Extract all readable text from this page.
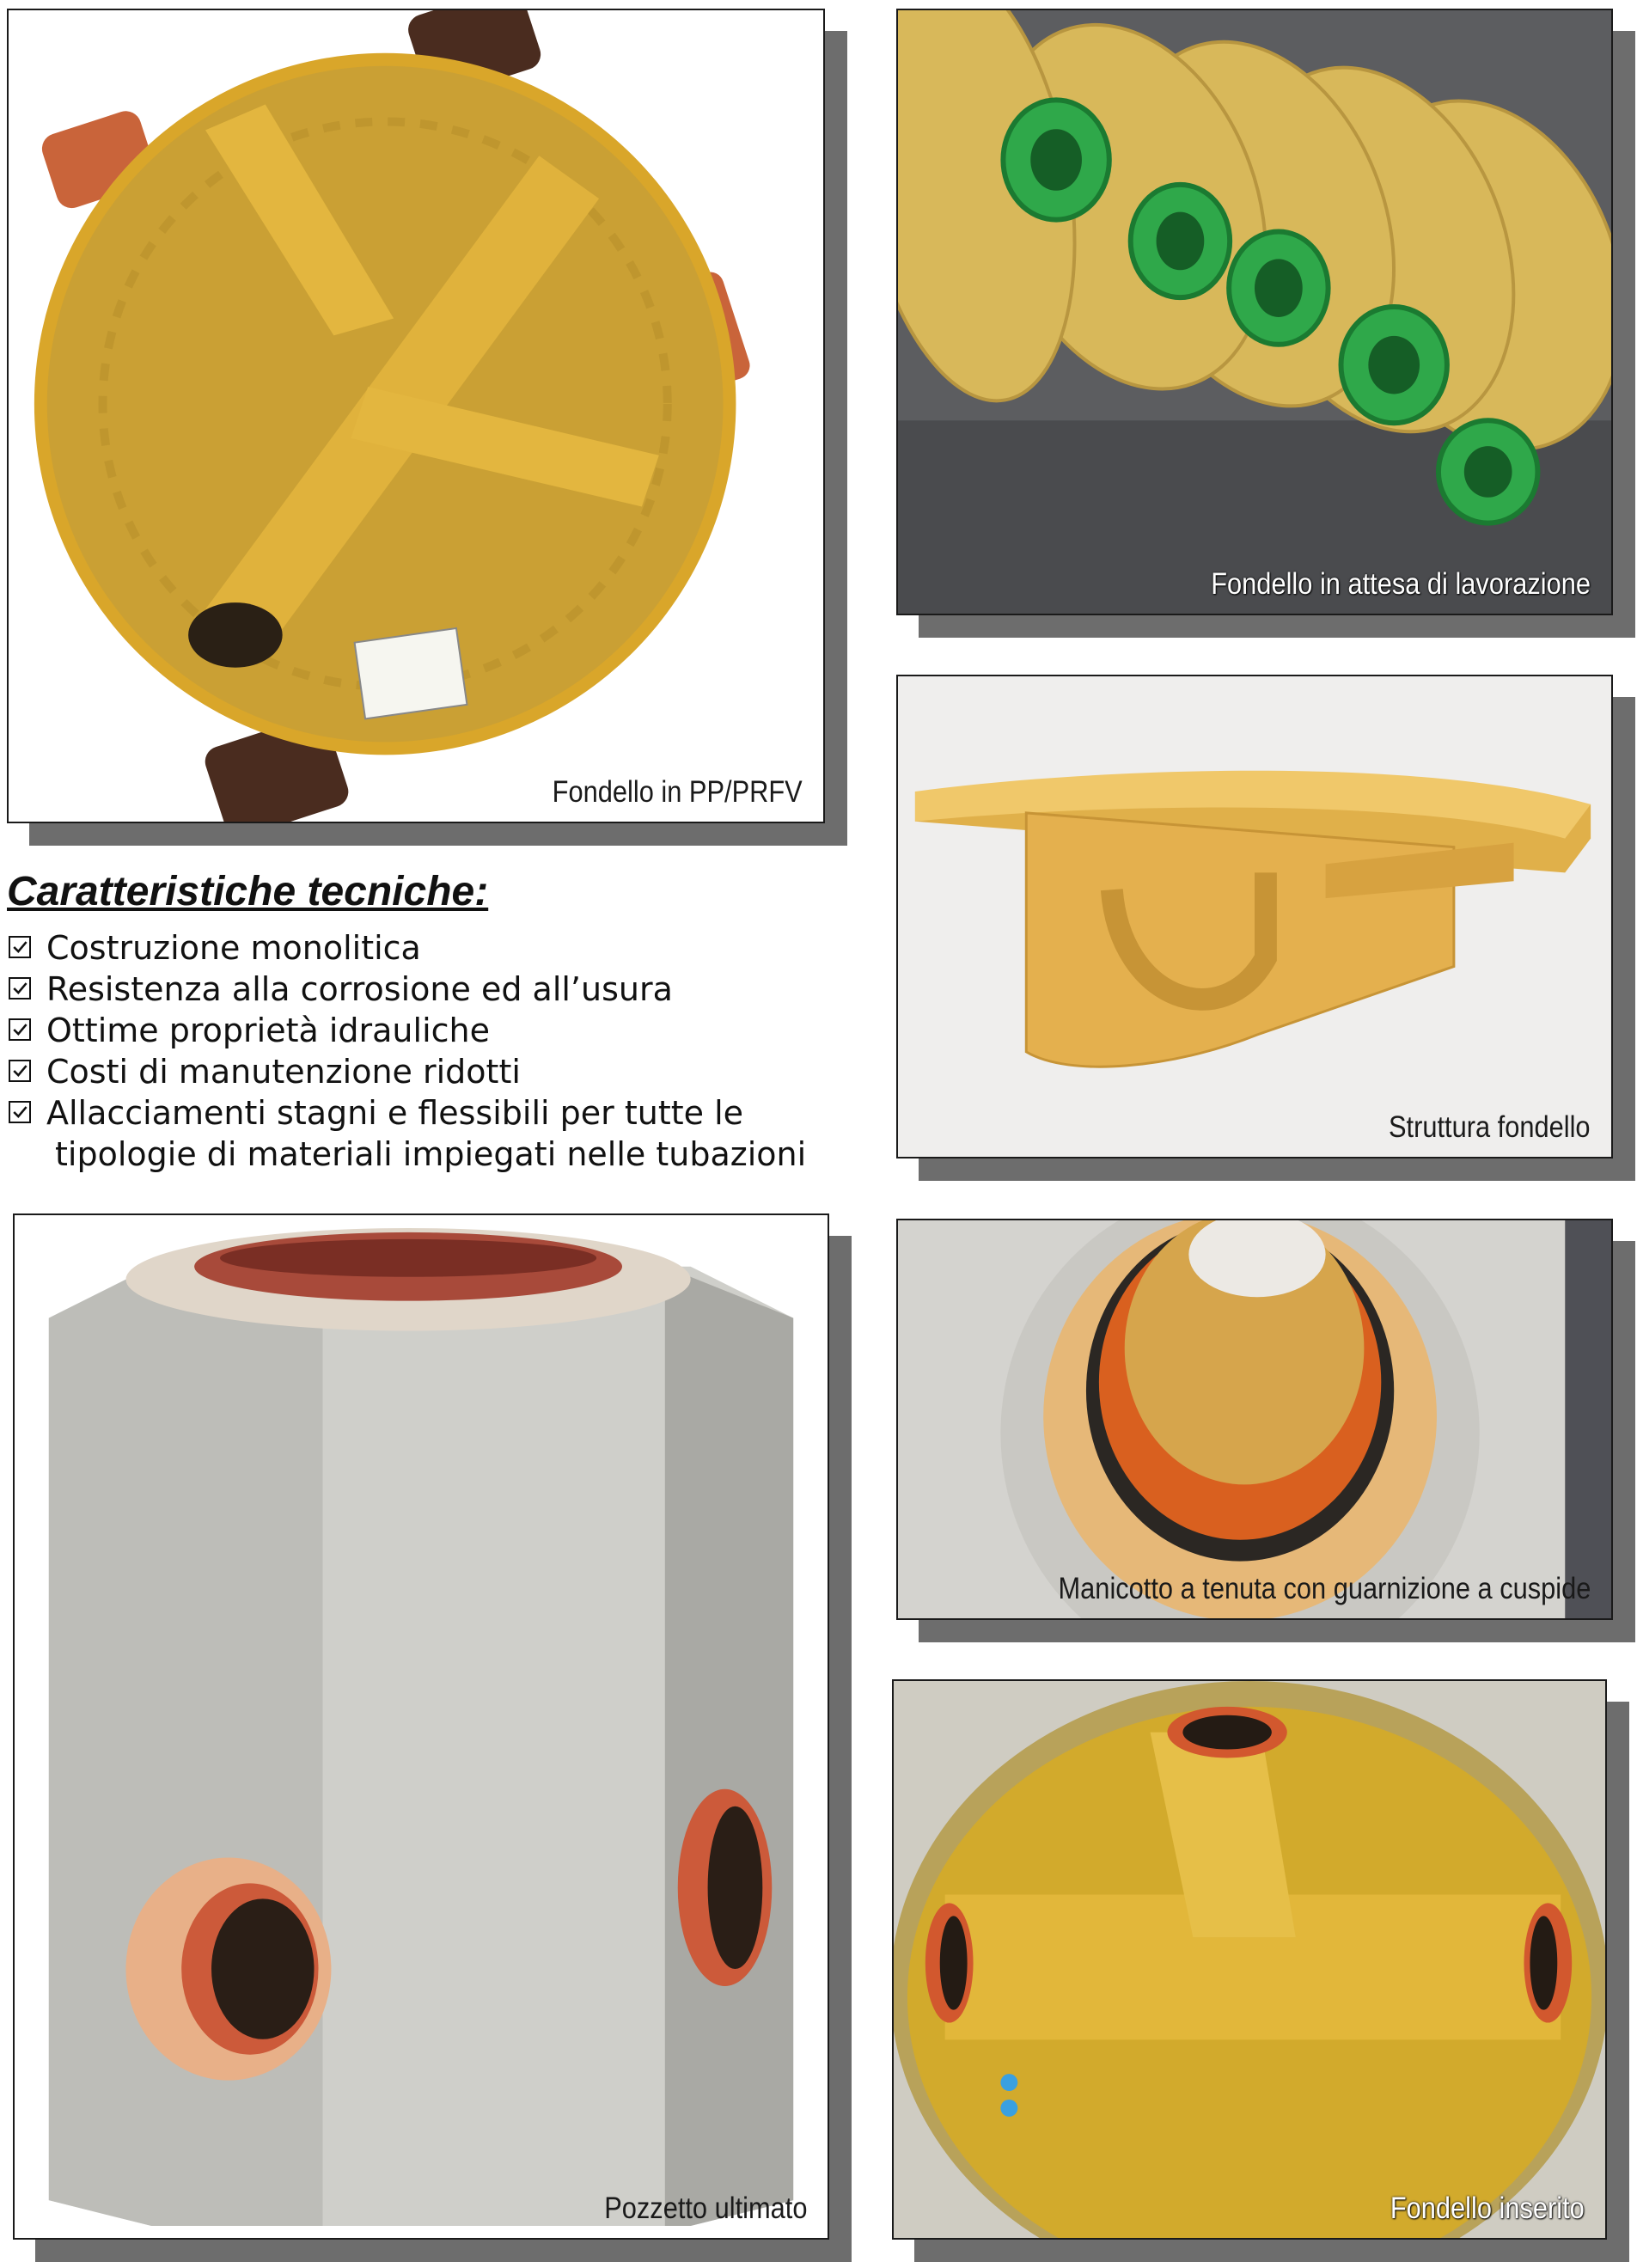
Fondello in PP/PRFV
Fondello in attesa di lavorazione
Struttura fondello
Pozzetto ultimato
Manicotto a tenuta con guarnizione a cuspide
Fondello inserito
Caratteristiche tecniche:
Costruzione monolitica
Resistenza alla corrosione ed all’usura
Ottime proprietà idrauliche
Costi di manutenzione ridotti
Allacciamenti stagni e flessibili per tutte le
tipologie di materiali impiegati nelle tubazioni
